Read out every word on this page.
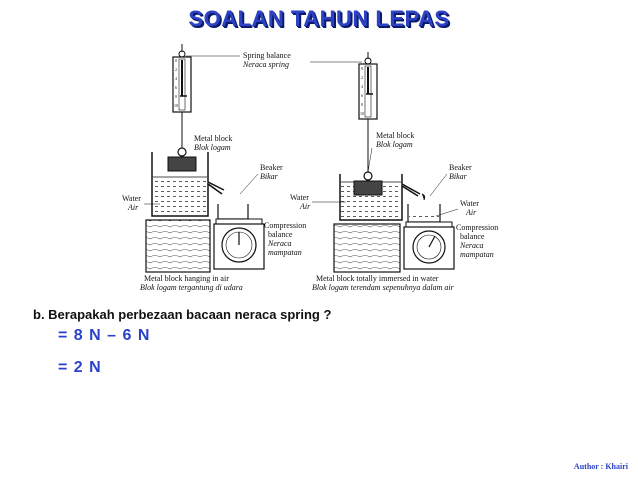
SOALAN TAHUN LEPAS
0
2
4
6
8
10
0
2
4
6
8
10
Spring balance
Neraca spring
Metal block
Blok logam
Metal block
Blok logam
Beaker
Bikar
Beaker
Bikar
Water
Air
Water
Air	Water
Air
Compression
balance
Neraca
mampatan
Compression
balance
Neraca
mampatan
Metal block hanging in air
Blok logam tergantung di udara
Metal block totally immersed in water
Blok logam terendam sepenuhnya dalam air
b. Berapakah perbezaan bacaan neraca spring ?
= 8 N – 6 N
= 2 N
Author : Khairi
